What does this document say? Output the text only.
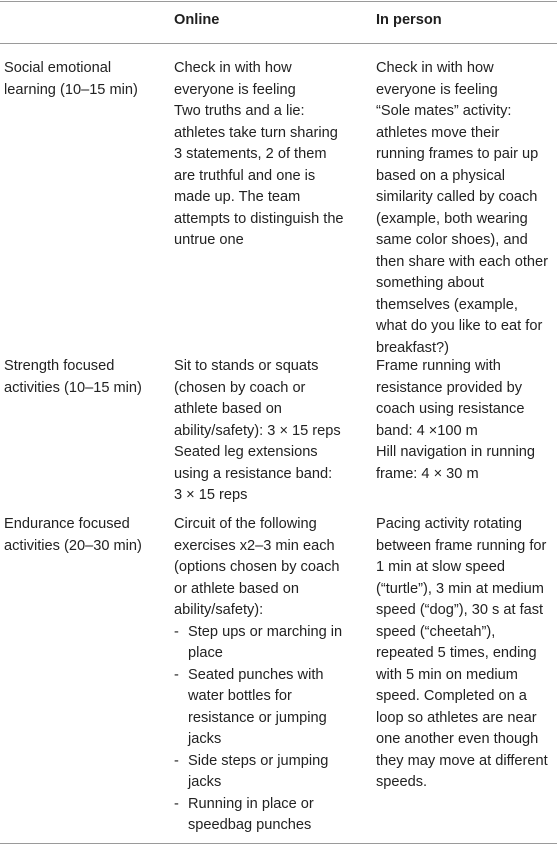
Online	In person
Social emotional
learning (10–15 min)
Check in with how
everyone is feeling
Two truths and a lie:
athletes take turn sharing
3 statements, 2 of them
are truthful and one is
made up. The team
attempts to distinguish the
untrue one
Check in with how
everyone is feeling
“Sole mates” activity:
athletes move their
running frames to pair up
based on a physical
similarity called by coach
(example, both wearing
same color shoes), and
then share with each other
something about
themselves (example,
what do you like to eat for
breakfast?)
Strength focused
activities (10–15 min)
Sit to stands or squats
(chosen by coach or
athlete based on
ability/safety): 3 × 15 reps
Seated leg extensions
using a resistance band:
3 × 15 reps
Frame running with
resistance provided by
coach using resistance
band: 4 ×100 m
Hill navigation in running
frame: 4 × 30 m
Endurance focused
activities (20–30 min)
Circuit of the following
exercises x2–3 min each
(options chosen by coach
or athlete based on
ability/safety):
- Step ups or marching in
place
- Seated punches with
water bottles for
resistance or jumping
jacks
- Side steps or jumping
jacks
- Running in place or
speedbag punches
Pacing activity rotating
between frame running for
1 min at slow speed
(“turtle”), 3 min at medium
speed (“dog”), 30 s at fast
speed (“cheetah”),
repeated 5 times, ending
with 5 min on medium
speed. Completed on a
loop so athletes are near
one another even though
they may move at different
speeds.
